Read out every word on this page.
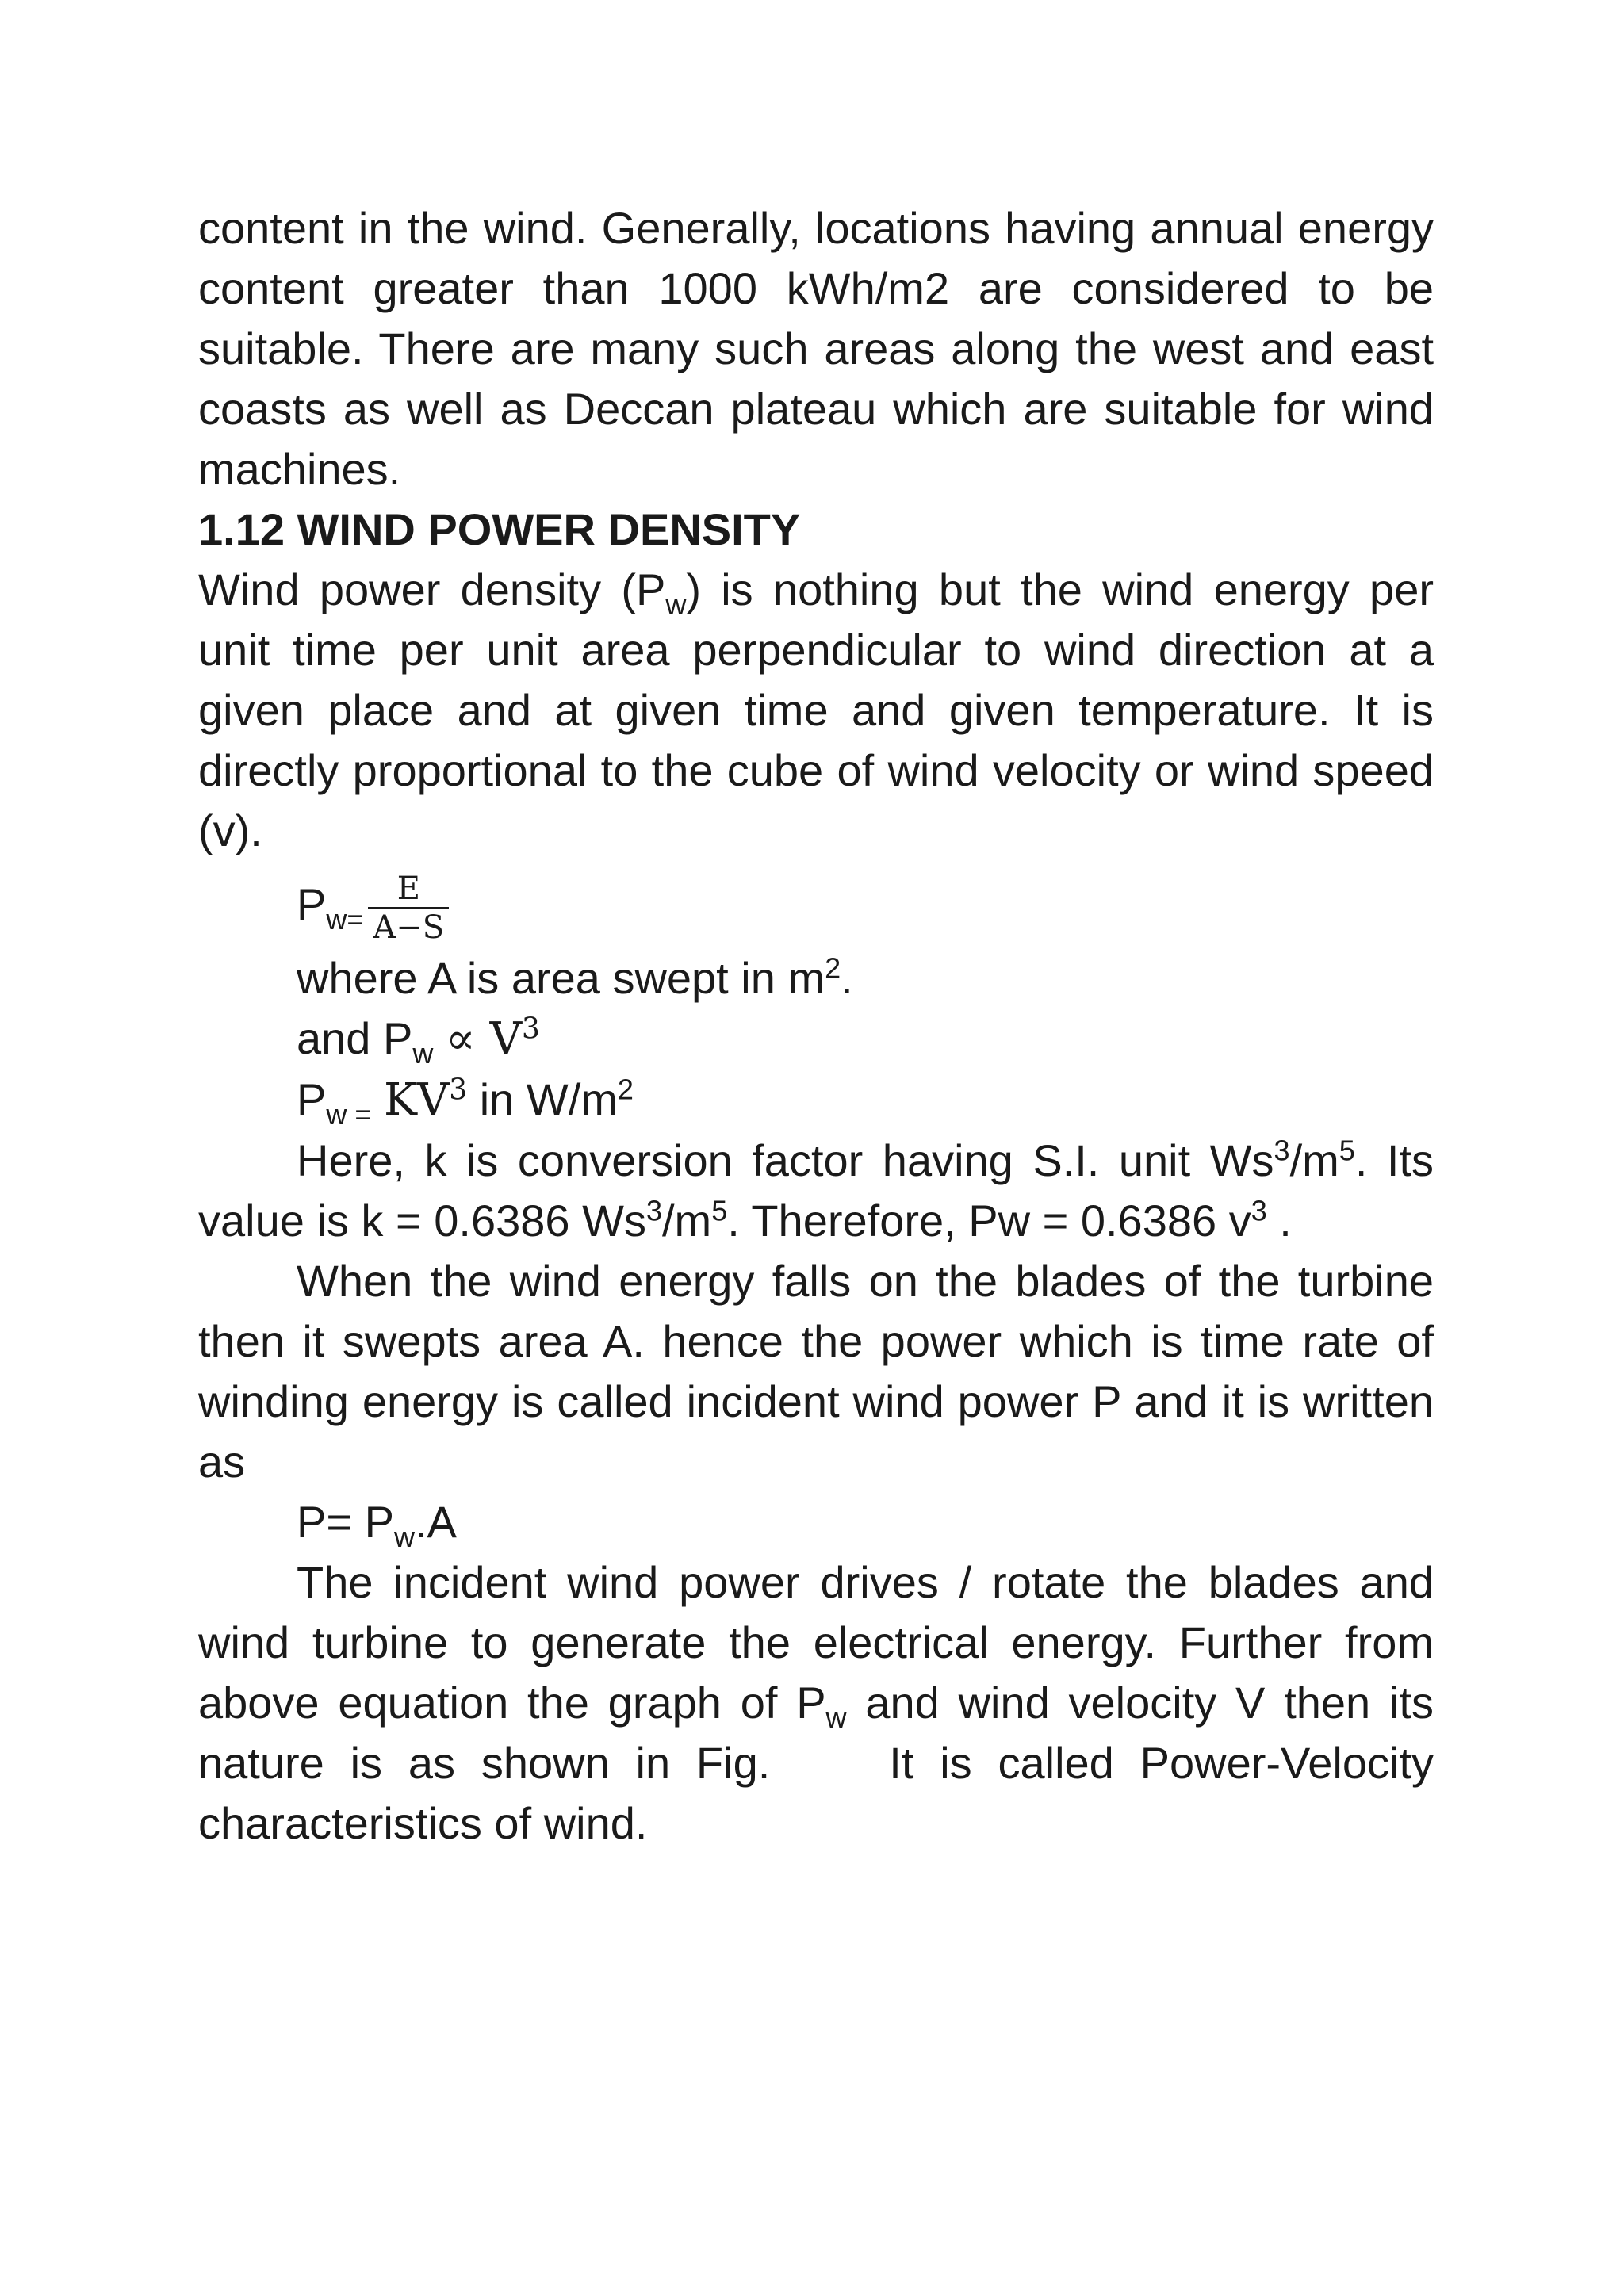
content in the wind. Generally, locations having annual energy content greater than 1000 kWh/m2 are considered to be suitable. There are many such areas along the west and east coasts as well as Deccan plateau which are suitable for wind machines.

1.12 WIND POWER DENSITY

Wind power density $(P_w)$ is nothing but the wind energy per unit time per unit area perpendicular to wind direction at a given place and at given time and given temperature. It is directly proportional to the cube of wind velocity or wind speed (v).

$P_{w=} \frac{E}{A-S}$

where A is area swept in $m^2$.

and $P_w \propto V^3$

$P_{w =}$ $KV^3$ in $W/m^2$

Here, k is conversion factor having S.I. unit $Ws^3/m^5$. Its value is k = 0.6386 $Ws^3/m^5$. Therefore, Pw = 0.6386 $v^3$ .

When the wind energy falls on the blades of the turbine then it swepts area A. hence the power which is time rate of winding energy is called incident wind power P and it is written as

$P= P_w.A$

The incident wind power drives / rotate the blades and wind turbine to generate the electrical energy. Further from above equation the graph of $P_w$ and wind velocity V then its nature is as shown in Fig.	It is called Power-Velocity characteristics of wind.
